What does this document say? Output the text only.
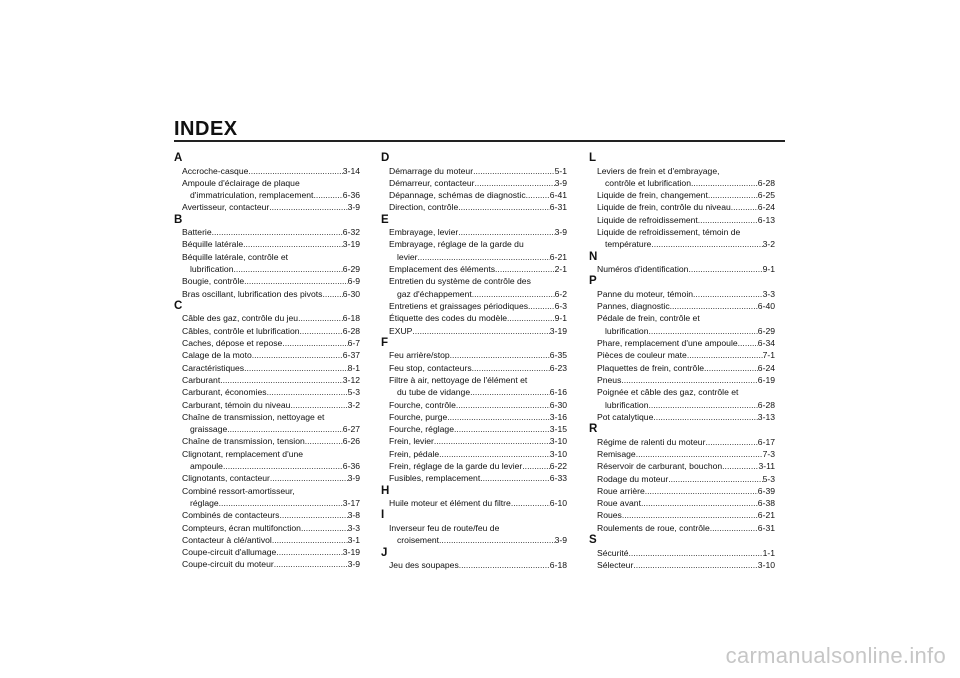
INDEX
A
Accroche-casque .....	3-14
Ampoule d'éclairage de plaque
d'immatriculation, remplacement .....	6-36
Avertisseur, contacteur .....	3-9
B
Batterie .....	6-32
Béquille latérale .....	3-19
Béquille latérale, contrôle et
lubrification .....	6-29
Bougie, contrôle .....	6-9
Bras oscillant, lubrification des pivots ..... 6-30
C
Câble des gaz, contrôle du jeu .....	6-18
Câbles, contrôle et lubrification .....	6-28
Caches, dépose et repose .....	6-7
Calage de la moto .....	6-37
Caractéristiques .....	8-1
Carburant .....	3-12
Carburant, économies .....	5-3
Carburant, témoin du niveau .....	3-2
Chaîne de transmission, nettoyage et
graissage .....	6-27
Chaîne de transmission, tension .....	6-26
Clignotant, remplacement d'une
ampoule .....	6-36
Clignotants, contacteur .....	3-9
Combiné ressort-amortisseur,
réglage .....	3-17
Combinés de contacteurs .....	3-8
Compteurs, écran multifonction .....	3-3
Contacteur à clé/antivol .....	3-1
Coupe-circuit d'allumage .....	3-19
Coupe-circuit du moteur .....	3-9
D
Démarrage du moteur .....	5-1
Démarreur, contacteur .....	3-9
Dépannage, schémas de diagnostic .....	6-41
Direction, contrôle .....	6-31
E
Embrayage, levier .....	3-9
Embrayage, réglage de la garde du
levier .....	6-21
Emplacement des éléments .....	2-1
Entretien du système de contrôle des
gaz d'échappement .....	6-2
Entretiens et graissages périodiques .....	6-3
Étiquette des codes du modèle .....	9-1
EXUP .....	3-19
F
Feu arrière/stop .....	6-35
Feu stop, contacteurs .....	6-23
Filtre à air, nettoyage de l'élément et
du tube de vidange .....	6-16
Fourche, contrôle .....	6-30
Fourche, purge .....	3-16
Fourche, réglage .....	3-15
Frein, levier .....	3-10
Frein, pédale .....	3-10
Frein, réglage de la garde du levier .....	6-22
Fusibles, remplacement .....	6-33
H
Huile moteur et élément du filtre .....	6-10
I
Inverseur feu de route/feu de
croisement .....	3-9
J
Jeu des soupapes .....	6-18
L
Leviers de frein et d'embrayage,
contrôle et lubrification .....	6-28
Liquide de frein, changement .....	6-25
Liquide de frein, contrôle du niveau .....	6-24
Liquide de refroidissement .....	6-13
Liquide de refroidissement, témoin de
température .....	3-2
N
Numéros d'identification .....	9-1
P
Panne du moteur, témoin .....	3-3
Pannes, diagnostic .....	6-40
Pédale de frein, contrôle et
lubrification .....	6-29
Phare, remplacement d'une ampoule ..... 6-34
Pièces de couleur mate .....	7-1
Plaquettes de frein, contrôle .....	6-24
Pneus .....	6-19
Poignée et câble des gaz, contrôle et
lubrification .....	6-28
Pot catalytique .....	3-13
R
Régime de ralenti du moteur .....	6-17
Remisage .....	7-3
Réservoir de carburant, bouchon .....	3-11
Rodage du moteur .....	5-3
Roue arrière .....	6-39
Roue avant .....	6-38
Roues .....	6-21
Roulements de roue, contrôle .....	6-31
S
Sécurité .....	1-1
Sélecteur .....	3-10
carmanualsonline.info
